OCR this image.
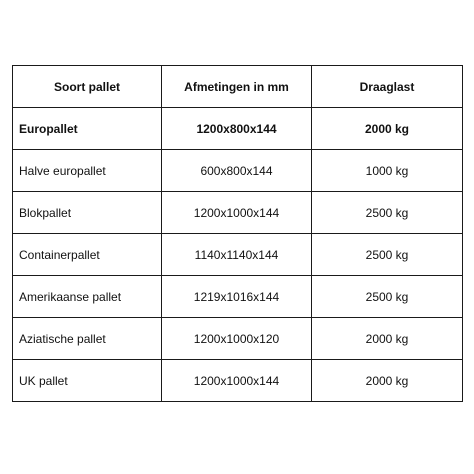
Soort pallet	Afmetingen in mm	Draaglast
Europallet	1200x800x144	2000 kg
Halve europallet	600x800x144	1000 kg
Blokpallet	1200x1000x144	2500 kg
Containerpallet	1140x1140x144	2500 kg
Amerikaanse pallet	1219x1016x144	2500 kg
Aziatische pallet	1200x1000x120	2000 kg
UK pallet	1200x1000x144	2000 kg
